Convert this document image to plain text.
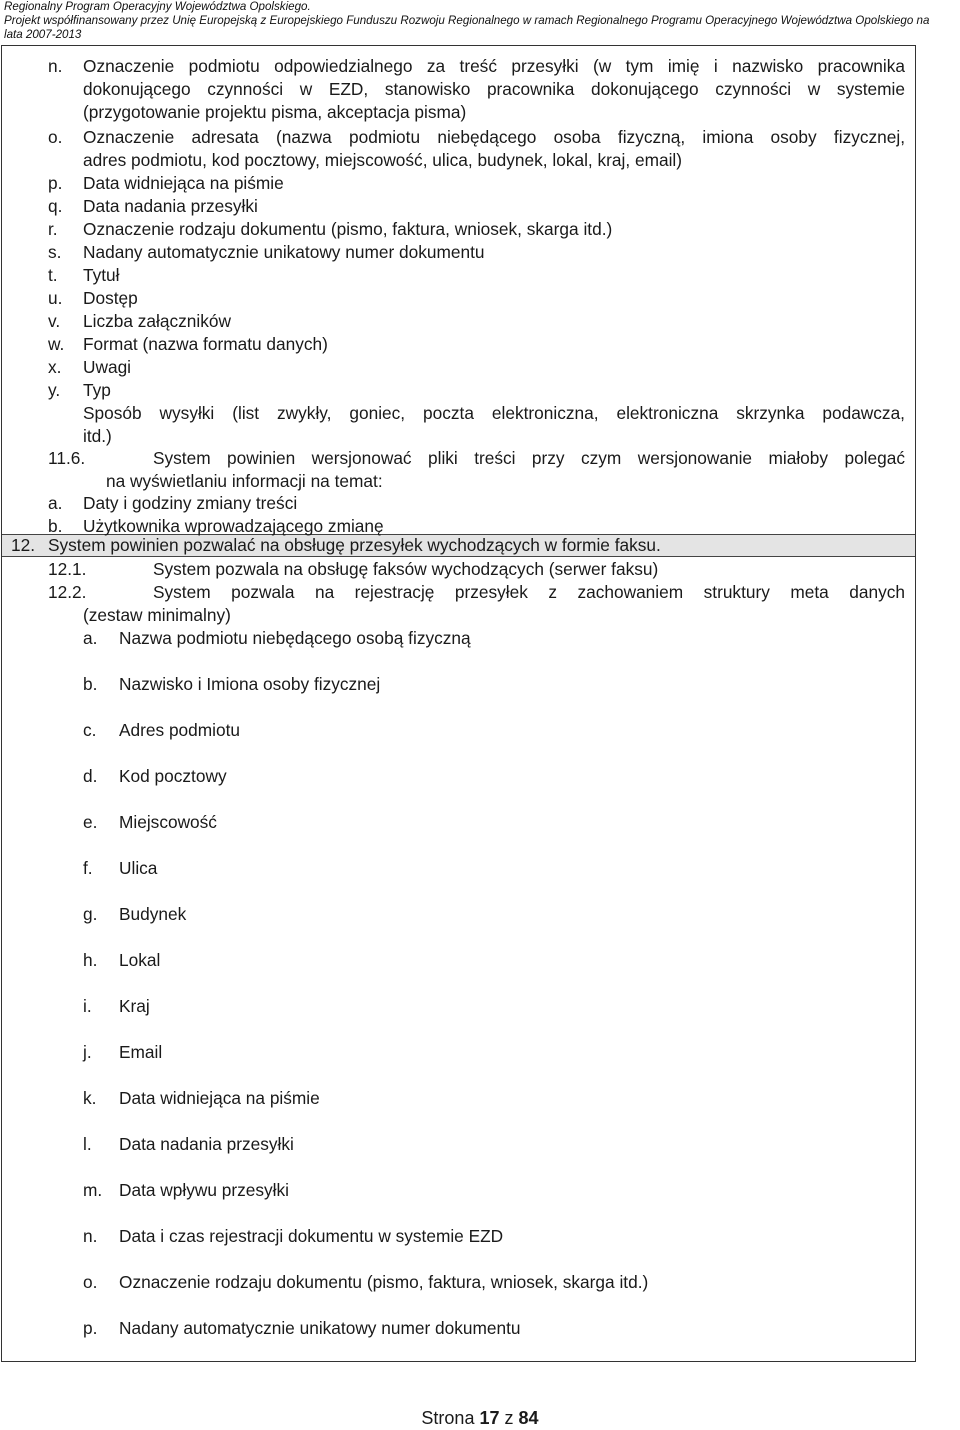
Regionalny Program Operacyjny Województwa Opolskiego.
Projekt współfinansowany przez Unię Europejską z Europejskiego Funduszu Rozwoju Regionalnego w ramach Regionalnego Programu Operacyjnego Województwa Opolskiego na
lata 2007-2013
n. Oznaczenie podmiotu odpowiedzialnego za treść przesyłki (w tym imię i nazwisko pracownika
dokonującego czynności w EZD, stanowisko pracownika dokonującego czynności w systemie
(przygotowanie projektu pisma, akceptacja pisma)
o. Oznaczenie adresata (nazwa podmiotu niebędącego osoba fizyczną, imiona osoby fizycznej,
adres podmiotu, kod pocztowy, miejscowość, ulica, budynek, lokal, kraj, email)
p. Data widniejąca na piśmie
q. Data nadania przesyłki
r. Oznaczenie rodzaju dokumentu (pismo, faktura, wniosek, skarga itd.)
s. Nadany automatycznie unikatowy numer dokumentu
t. Tytuł
u. Dostęp
v. Liczba załączników
w. Format (nazwa formatu danych)
x. Uwagi
y. Typ
Sposób wysyłki (list zwykły, goniec, poczta elektroniczna, elektroniczna skrzynka podawcza,
itd.)
11.6.	System powinien wersjonować pliki treści przy czym wersjonowanie miałoby polegać
na wyświetlaniu informacji na temat:
a. Daty i godziny zmiany treści
b. Użytkownika wprowadzającego zmianę
12. System powinien pozwalać na obsługę przesyłek wychodzących w formie faksu.
12.1.	System pozwala na obsługę faksów wychodzących (serwer faksu)
12.2.	System pozwala na rejestrację przesyłek z zachowaniem struktury meta danych
(zestaw minimalny)
a. Nazwa podmiotu niebędącego osobą fizyczną
b. Nazwisko i Imiona osoby fizycznej
c. Adres podmiotu
d. Kod pocztowy
e. Miejscowość
f. Ulica
g. Budynek
h. Lokal
i. Kraj
j. Email
k. Data widniejąca na piśmie
l. Data nadania przesyłki
m. Data wpływu przesyłki
n. Data i czas rejestracji dokumentu w systemie EZD
o. Oznaczenie rodzaju dokumentu (pismo, faktura, wniosek, skarga itd.)
p. Nadany automatycznie unikatowy numer dokumentu
Strona 17 z 84
